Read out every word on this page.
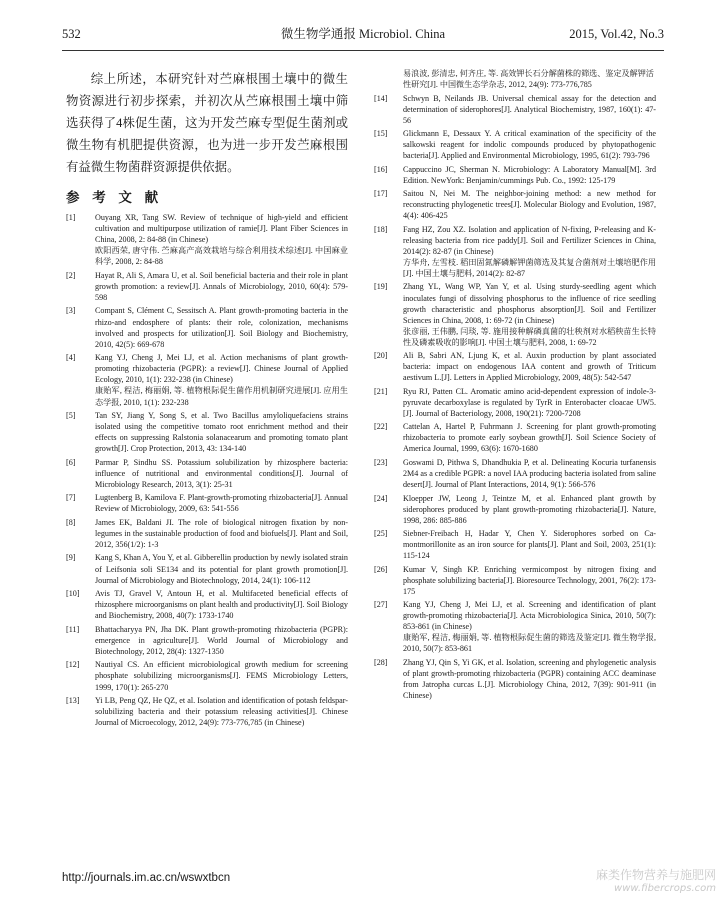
532	微生物学通报 Microbiol. China	2015, Vol.42, No.3

综上所述，本研究针对苎麻根围土壤中的微生物资源进行初步探索，并初次从苎麻根围土壤中筛选获得了4株促生菌，这为开发苎麻专型促生菌剂或微生物有机肥提供资源，也为进一步开发苎麻根围有益微生物菌群资源提供依据。

参 考 文 献
[1] Ouyang XR, Tang SW. Review of technique of high-yield and efficient cultivation and multipurpose utilization of ramie[J]. Plant Fiber Sciences in China, 2008, 2: 84-88 (in Chinese)
欧阳西荣, 唐守伟. 苎麻高产高效栽培与综合利用技术综述[J]. 中国麻业科学, 2008, 2: 84-88
[2] Hayat R, Ali S, Amara U, et al. Soil beneficial bacteria and their role in plant growth promotion: a review[J]. Annals of Microbiology, 2010, 60(4): 579-598
[3] Compant S, Clément C, Sessitsch A. Plant growth-promoting bacteria in the rhizo-and endosphere of plants: their role, colonization, mechanisms involved and prospects for utilization[J]. Soil Biology and Biochemistry, 2010, 42(5): 669-678
[4] Kang YJ, Cheng J, Mei LJ, et al. Action mechanisms of plant growth-promoting rhizobacteria (PGPR): a review[J]. Chinese Journal of Applied Ecology, 2010, 1(1): 232-238 (in Chinese)
康贻军, 程洁, 梅丽娟, 等. 植物根际促生菌作用机制研究进展[J]. 应用生态学报, 2010, 1(1): 232-238
[5] Tan SY, Jiang Y, Song S, et al. Two Bacillus amyloliquefaciens strains isolated using the competitive tomato root enrichment method and their effects on suppressing Ralstonia solanacearum and promoting tomato plant growth[J]. Crop Protection, 2013, 43: 134-140
[6] Parmar P, Sindhu SS. Potassium solubilization by rhizosphere bacteria: influence of nutritional and environmental conditions[J]. Journal of Microbiology Research, 2013, 3(1): 25-31
[7] Lugtenberg B, Kamilova F. Plant-growth-promoting rhizobacteria[J]. Annual Review of Microbiology, 2009, 63: 541-556
[8] James EK, Baldani JI. The role of biological nitrogen fixation by non-legumes in the sustainable production of food and biofuels[J]. Plant and Soil, 2012, 356(1/2): 1-3
[9] Kang S, Khan A, You Y, et al. Gibberellin production by newly isolated strain of Leifsonia soli SE134 and its potential for plant growth promotion[J]. Journal of Microbiology and Biotechnology, 2014, 24(1): 106-112
[10] Avis TJ, Gravel V, Antoun H, et al. Multifaceted beneficial effects of rhizosphere microorganisms on plant health and productivity[J]. Soil Biology and Biochemistry, 2008, 40(7): 1733-1740
[11] Bhattacharyya PN, Jha DK. Plant growth-promoting rhizobacteria (PGPR): emergence in agriculture[J]. World Journal of Microbiology and Biotechnology, 2012, 28(4): 1327-1350
[12] Nautiyal CS. An efficient microbiological growth medium for screening phosphate solubilizing microorganisms[J]. FEMS Microbiology Letters, 1999, 170(1): 265-270
[13] Yi LB, Peng QZ, He QZ, et al. Isolation and identification of potash feldspar-solubilizing bacteria and their potassium releasing activities[J]. Chinese Journal of Microecology, 2012, 24(9): 773-776,785 (in Chinese)
易浪波, 彭清忠, 何齐庄, 等. 高效钾长石分解菌株的筛选、鉴定及解钾活性研究[J]. 中国微生态学杂志, 2012, 24(9): 773-776,785
[14] Schwyn B, Neilands JB. Universal chemical assay for the detection and determination of siderophores[J]. Analytical Biochemistry, 1987, 160(1): 47-56
[15] Glickmann E, Dessaux Y. A critical examination of the specificity of the salkowski reagent for indolic compounds produced by phytopathogenic bacteria[J]. Applied and Environmental Microbiology, 1995, 61(2): 793-796
[16] Cappuccino JC, Sherman N. Microbiology: A Laboratory Manual[M]. 3rd Edition. NewYork: Benjamin/cummings Pub. Co., 1992: 125-179
[17] Saitou N, Nei M. The neighbor-joining method: a new method for reconstructing phylogenetic trees[J]. Molecular Biology and Evolution, 1987, 4(4): 406-425
[18] Fang HZ, Zou XZ. Isolation and application of N-fixing, P-releasing and K-releasing bacteria from rice paddy[J]. Soil and Fertilizer Sciences in China, 2014(2): 82-87 (in Chinese)
方华舟, 左雪枝. 稻田固氮解磷解钾菌筛选及其复合菌剂对土壤培肥作用[J]. 中国土壤与肥料, 2014(2): 82-87
[19] Zhang YL, Wang WP, Yan Y, et al. Using sturdy-seedling agent which inoculates fungi of dissolving phosphorus to the influence of rice seedling growth characteristic and phosphorus absorption[J]. Soil and Fertilizer Sciences in China, 2008, 1: 69-72 (in Chinese)
张彦丽, 王伟鹏, 闫琰, 等. 施用接种解磷真菌的壮秧剂对水稻秧苗生长特性及磷素吸收的影响[J]. 中国土壤与肥料, 2008, 1: 69-72
[20] Ali B, Sabri AN, Ljung K, et al. Auxin production by plant associated bacteria: impact on endogenous IAA content and growth of Triticum aestivum L.[J]. Letters in Applied Microbiology, 2009, 48(5): 542-547
[21] Ryu RJ, Patten CL. Aromatic amino acid-dependent expression of indole-3-pyruvate decarboxylase is regulated by TyrR in Enterobacter cloacae UW5.[J]. Journal of Bacteriology, 2008, 190(21): 7200-7208
[22] Cattelan A, Hartel P, Fuhrmann J. Screening for plant growth-promoting rhizobacteria to promote early soybean growth[J]. Soil Science Society of America Journal, 1999, 63(6): 1670-1680
[23] Goswami D, Pithwa S, Dhandhukia P, et al. Delineating Kocuria turfanensis 2M4 as a credible PGPR: a novel IAA producing bacteria isolated from saline desert[J]. Journal of Plant Interactions, 2014, 9(1): 566-576
[24] Kloepper JW, Leong J, Teintze M, et al. Enhanced plant growth by siderophores produced by plant growth-promoting rhizobacteria[J]. Nature, 1998, 286: 885-886
[25] Siebner-Freibach H, Hadar Y, Chen Y. Siderophores sorbed on Ca-montmorillonite as an iron source for plants[J]. Plant and Soil, 2003, 251(1): 115-124
[26] Kumar V, Singh KP. Enriching vermicompost by nitrogen fixing and phosphate solubilizing bacteria[J]. Bioresource Technology, 2001, 76(2): 173-175
[27] Kang YJ, Cheng J, Mei LJ, et al. Screening and identification of plant growth-promoting rhizobacteria[J]. Acta Microbiologica Sinica, 2010, 50(7): 853-861 (in Chinese)
康贻军, 程洁, 梅丽娟, 等. 植物根际促生菌的筛选及鉴定[J]. 微生物学报, 2010, 50(7): 853-861
[28] Zhang YJ, Qin S, Yi GK, et al. Isolation, screening and phylogenetic analysis of plant growth-promoting rhizobacteria (PGPR) containing ACC deaminase from Jatropha curcas L.[J]. Microbiology China, 2012, 7(39): 901-911 (in Chinese)
http://journals.im.ac.cn/wswxtbcn	麻类作物营养与施肥网
www.fibercrops.com
